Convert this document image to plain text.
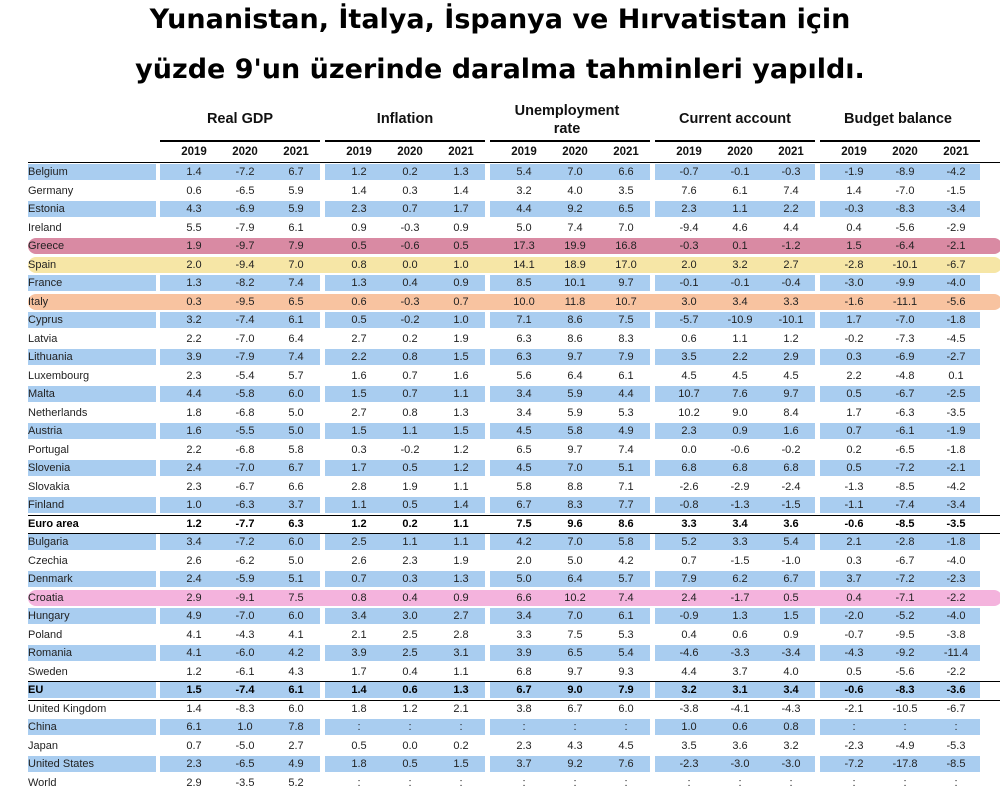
Yunanistan, İtalya, İspanya ve Hırvatistan için
yüzde 9'un üzerinde daralma tahminleri yapıldı.
Real GDP	Inflation	Unemployment rate
Current account	Budget balance
2019	2020	2021	2019	2020	2021	2019	2020	2021	2019	2020	2021	2019	2020	2021
Belgium	1.4	-7.2	6.7	1.2	0.2	1.3	5.4	7.0	6.6	-0.7	-0.1	-0.3	-1.9	-8.9	-4.2
Germany	0.6	-6.5	5.9	1.4	0.3	1.4	3.2	4.0	3.5	7.6	6.1	7.4	1.4	-7.0	-1.5
Estonia	4.3	-6.9	5.9	2.3	0.7	1.7	4.4	9.2	6.5	2.3	1.1	2.2	-0.3	-8.3	-3.4
Ireland	5.5	-7.9	6.1	0.9	-0.3	0.9	5.0	7.4	7.0	-9.4	4.6	4.4	0.4	-5.6	-2.9
Greece	1.9	-9.7	7.9	0.5	-0.6	0.5	17.3	19.9	16.8	-0.3	0.1	-1.2	1.5	-6.4	-2.1
Spain	2.0	-9.4	7.0	0.8	0.0	1.0	14.1	18.9	17.0	2.0	3.2	2.7	-2.8	-10.1	-6.7
France	1.3	-8.2	7.4	1.3	0.4	0.9	8.5	10.1	9.7	-0.1	-0.1	-0.4	-3.0	-9.9	-4.0
Italy	0.3	-9.5	6.5	0.6	-0.3	0.7	10.0	11.8	10.7	3.0	3.4	3.3	-1.6	-11.1	-5.6
Cyprus	3.2	-7.4	6.1	0.5	-0.2	1.0	7.1	8.6	7.5	-5.7	-10.9	-10.1	1.7	-7.0	-1.8
Latvia	2.2	-7.0	6.4	2.7	0.2	1.9	6.3	8.6	8.3	0.6	1.1	1.2	-0.2	-7.3	-4.5
Lithuania	3.9	-7.9	7.4	2.2	0.8	1.5	6.3	9.7	7.9	3.5	2.2	2.9	0.3	-6.9	-2.7
Luxembourg	2.3	-5.4	5.7	1.6	0.7	1.6	5.6	6.4	6.1	4.5	4.5	4.5	2.2	-4.8	0.1
Malta	4.4	-5.8	6.0	1.5	0.7	1.1	3.4	5.9	4.4	10.7	7.6	9.7	0.5	-6.7	-2.5
Netherlands	1.8	-6.8	5.0	2.7	0.8	1.3	3.4	5.9	5.3	10.2	9.0	8.4	1.7	-6.3	-3.5
Austria	1.6	-5.5	5.0	1.5	1.1	1.5	4.5	5.8	4.9	2.3	0.9	1.6	0.7	-6.1	-1.9
Portugal	2.2	-6.8	5.8	0.3	-0.2	1.2	6.5	9.7	7.4	0.0	-0.6	-0.2	0.2	-6.5	-1.8
Slovenia	2.4	-7.0	6.7	1.7	0.5	1.2	4.5	7.0	5.1	6.8	6.8	6.8	0.5	-7.2	-2.1
Slovakia	2.3	-6.7	6.6	2.8	1.9	1.1	5.8	8.8	7.1	-2.6	-2.9	-2.4	-1.3	-8.5	-4.2
Finland	1.0	-6.3	3.7	1.1	0.5	1.4	6.7	8.3	7.7	-0.8	-1.3	-1.5	-1.1	-7.4	-3.4
Euro area	1.2	-7.7	6.3	1.2	0.2	1.1	7.5	9.6	8.6	3.3	3.4	3.6	-0.6	-8.5	-3.5
Bulgaria	3.4	-7.2	6.0	2.5	1.1	1.1	4.2	7.0	5.8	5.2	3.3	5.4	2.1	-2.8	-1.8
Czechia	2.6	-6.2	5.0	2.6	2.3	1.9	2.0	5.0	4.2	0.7	-1.5	-1.0	0.3	-6.7	-4.0
Denmark	2.4	-5.9	5.1	0.7	0.3	1.3	5.0	6.4	5.7	7.9	6.2	6.7	3.7	-7.2	-2.3
Croatia	2.9	-9.1	7.5	0.8	0.4	0.9	6.6	10.2	7.4	2.4	-1.7	0.5	0.4	-7.1	-2.2
Hungary	4.9	-7.0	6.0	3.4	3.0	2.7	3.4	7.0	6.1	-0.9	1.3	1.5	-2.0	-5.2	-4.0
Poland	4.1	-4.3	4.1	2.1	2.5	2.8	3.3	7.5	5.3	0.4	0.6	0.9	-0.7	-9.5	-3.8
Romania	4.1	-6.0	4.2	3.9	2.5	3.1	3.9	6.5	5.4	-4.6	-3.3	-3.4	-4.3	-9.2	-11.4
Sweden	1.2	-6.1	4.3	1.7	0.4	1.1	6.8	9.7	9.3	4.4	3.7	4.0	0.5	-5.6	-2.2
EU	1.5	-7.4	6.1	1.4	0.6	1.3	6.7	9.0	7.9	3.2	3.1	3.4	-0.6	-8.3	-3.6
United Kingdom	1.4	-8.3	6.0	1.8	1.2	2.1	3.8	6.7	6.0	-3.8	-4.1	-4.3	-2.1	-10.5	-6.7
China	6.1	1.0	7.8	:	:	:	:	:	:	1.0	0.6	0.8	:	:	:
Japan	0.7	-5.0	2.7	0.5	0.0	0.2	2.3	4.3	4.5	3.5	3.6	3.2	-2.3	-4.9	-5.3
United States	2.3	-6.5	4.9	1.8	0.5	1.5	3.7	9.2	7.6	-2.3	-3.0	-3.0	-7.2	-17.8	-8.5
World	2.9	-3.5	5.2	:	:	:	:	:	:	:	:	:	:	:	:
